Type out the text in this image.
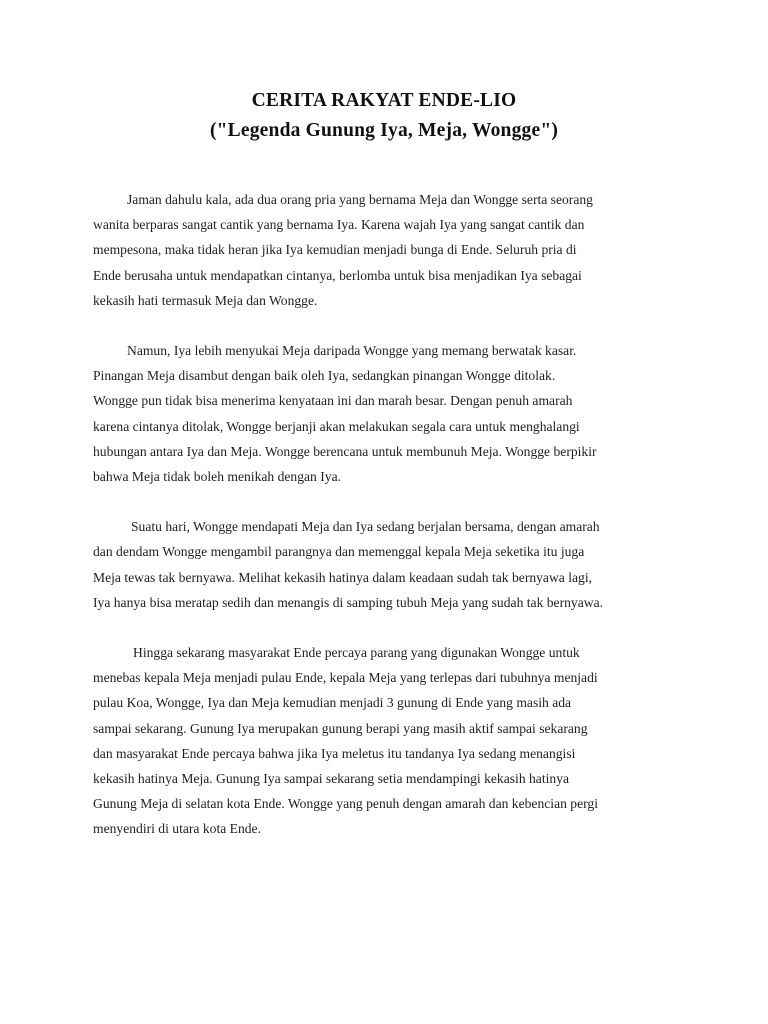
CERITA RAKYAT ENDE-LIO
("Legenda Gunung Iya, Meja, Wongge")
Jaman dahulu kala, ada dua orang pria yang bernama Meja dan Wongge serta seorang
wanita berparas sangat cantik yang bernama Iya. Karena wajah Iya yang sangat cantik dan
mempesona, maka tidak heran jika Iya kemudian menjadi bunga di Ende. Seluruh pria di
Ende berusaha untuk mendapatkan cintanya, berlomba untuk bisa menjadikan Iya sebagai
kekasih hati termasuk Meja dan Wongge.
Namun, Iya lebih menyukai Meja daripada Wongge yang memang berwatak kasar.
Pinangan Meja disambut dengan baik oleh Iya, sedangkan pinangan Wongge ditolak.
Wongge pun tidak bisa menerima kenyataan ini dan marah besar. Dengan penuh amarah
karena cintanya ditolak, Wongge berjanji akan melakukan segala cara untuk menghalangi
hubungan antara Iya dan Meja. Wongge berencana untuk membunuh Meja. Wongge berpikir
bahwa Meja tidak boleh menikah dengan Iya.
Suatu hari, Wongge mendapati Meja dan Iya sedang berjalan bersama, dengan amarah
dan dendam Wongge mengambil parangnya dan memenggal kepala Meja seketika itu juga
Meja tewas tak bernyawa. Melihat kekasih hatinya dalam keadaan sudah tak bernyawa lagi,
Iya hanya bisa meratap sedih dan menangis di samping tubuh Meja yang sudah tak bernyawa.
Hingga sekarang masyarakat Ende percaya parang yang digunakan Wongge untuk
menebas kepala Meja menjadi pulau Ende, kepala Meja yang terlepas dari tubuhnya menjadi
pulau Koa, Wongge, Iya dan Meja kemudian menjadi 3 gunung di Ende yang masih ada
sampai sekarang. Gunung Iya merupakan gunung berapi yang masih aktif sampai sekarang
dan masyarakat Ende percaya bahwa jika Iya meletus itu tandanya Iya sedang menangisi
kekasih hatinya Meja. Gunung Iya sampai sekarang setia mendampingi kekasih hatinya
Gunung Meja di selatan kota Ende. Wongge yang penuh dengan amarah dan kebencian pergi
menyendiri di utara kota Ende.
